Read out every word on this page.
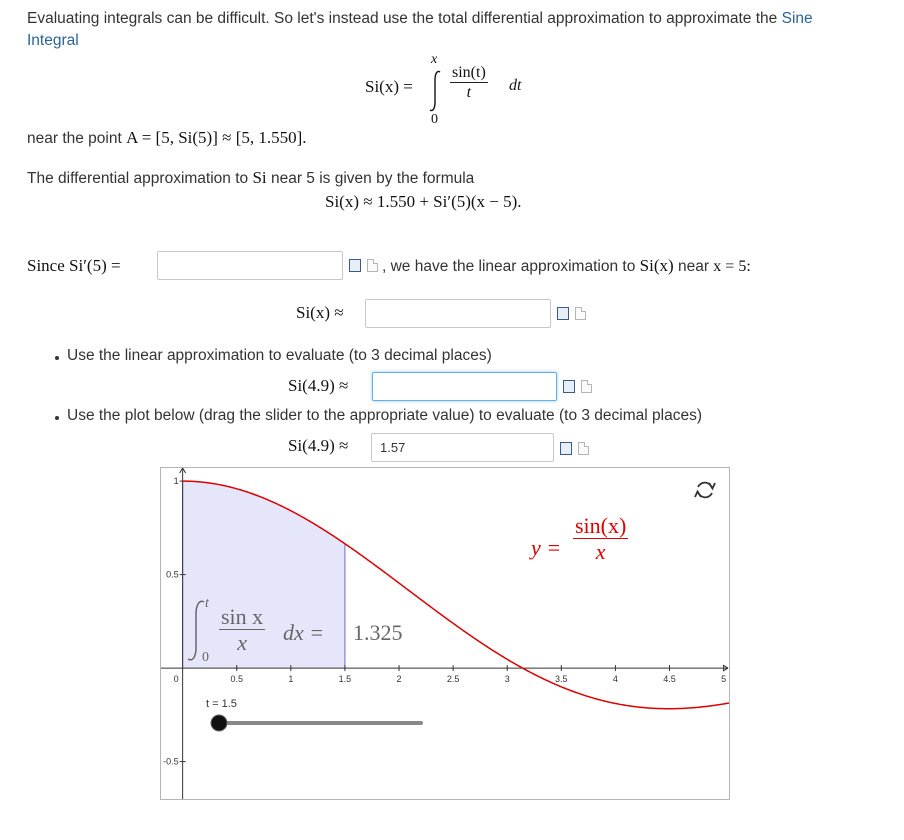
Evaluating integrals can be difficult. So let's instead use the total differential approximation to approximate the Sine
Integral
Si(x) =
x
0
$\frac{\sin(t)}{t}$ dt
near the point A = [5, Si(5)] ≈ [5, 1.550].
The differential approximation to Si near 5 is given by the formula
Si(x) ≈ 1.550 + Si′(5)(x − 5).
Since Si′(5) =	, we have the linear approximation to Si(x) near x = 5:
Si(x) ≈
Use the linear approximation to evaluate (to 3 decimal places)
Si(4.9) ≈
Use the plot below (drag the slider to the appropriate value) to evaluate (to 3 decimal places)
Si(4.9) ≈
1.57
0.5	1	1.5	2	2.5	3	3.5	4	4.5	5
1
0.5
0
-0.5
$y = \frac{\sin(x)}{x}$
t
0
$\frac{\text{sin x}}{x}$ dx = 1.325
t = 1.5
